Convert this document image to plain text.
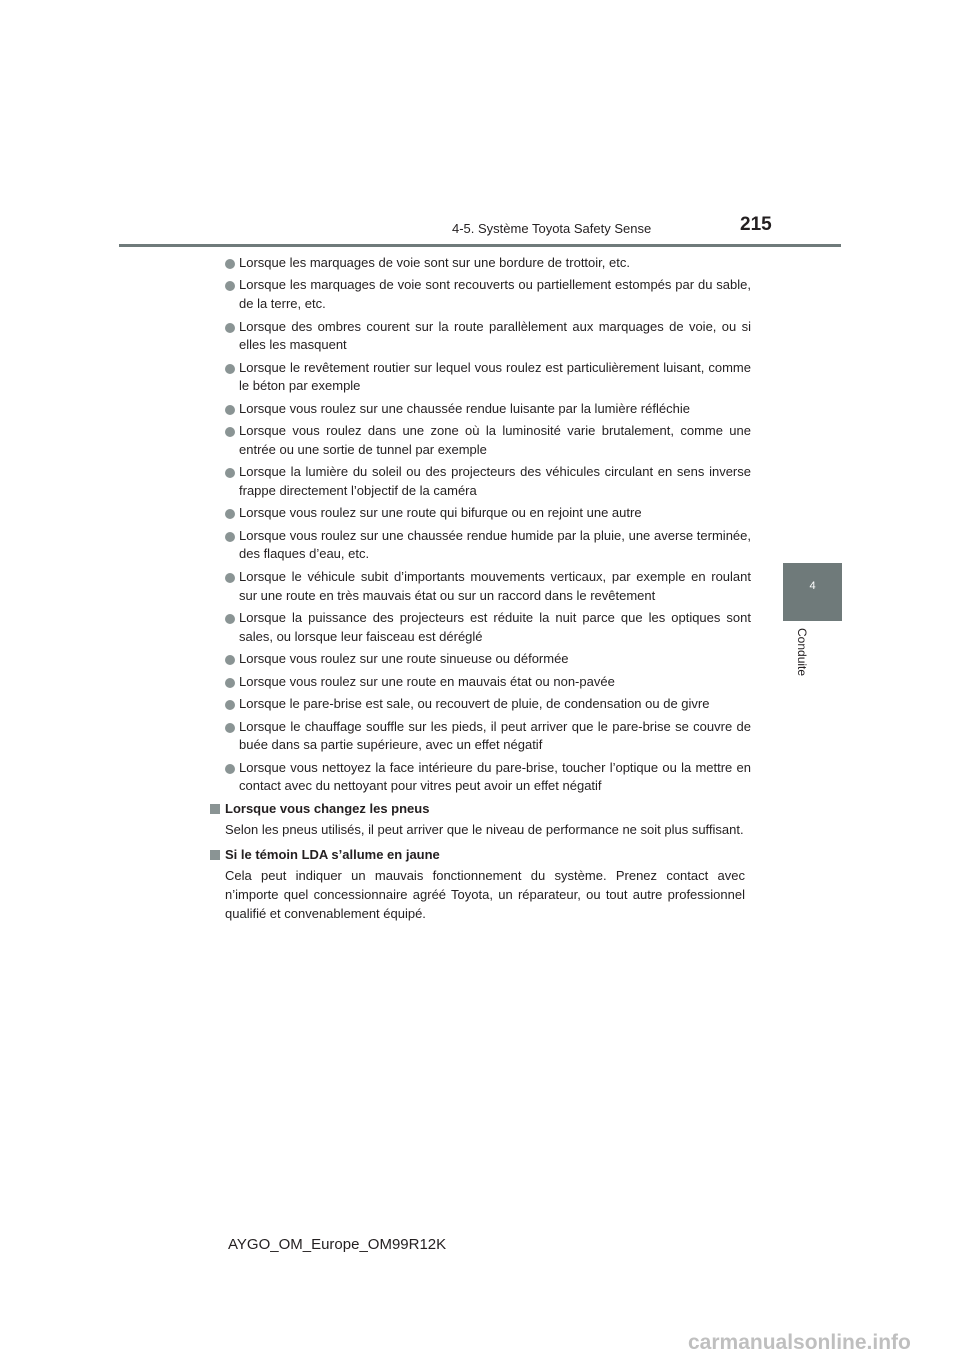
4-5. Système Toyota Safety Sense	215
4
Conduite
Lorsque les marquages de voie sont sur une bordure de trottoir, etc.
Lorsque les marquages de voie sont recouverts ou partiellement estompés par du sable, de la terre, etc.
Lorsque des ombres courent sur la route parallèlement aux marquages de voie, ou si elles les masquent
Lorsque le revêtement routier sur lequel vous roulez est particulièrement luisant, comme le béton par exemple
Lorsque vous roulez sur une chaussée rendue luisante par la lumière réfléchie
Lorsque vous roulez dans une zone où la luminosité varie brutalement, comme une entrée ou une sortie de tunnel par exemple
Lorsque la lumière du soleil ou des projecteurs des véhicules circulant en sens inverse frappe directement l’objectif de la caméra
Lorsque vous roulez sur une route qui bifurque ou en rejoint une autre
Lorsque vous roulez sur une chaussée rendue humide par la pluie, une averse terminée, des flaques d’eau, etc.
Lorsque le véhicule subit d’importants mouvements verticaux, par exemple en roulant sur une route en très mauvais état ou sur un raccord dans le revêtement
Lorsque la puissance des projecteurs est réduite la nuit parce que les optiques sont sales, ou lorsque leur faisceau est déréglé
Lorsque vous roulez sur une route sinueuse ou déformée
Lorsque vous roulez sur une route en mauvais état ou non-pavée
Lorsque le pare-brise est sale, ou recouvert de pluie, de condensation ou de givre
Lorsque le chauffage souffle sur les pieds, il peut arriver que le pare-brise se couvre de buée dans sa partie supérieure, avec un effet négatif
Lorsque vous nettoyez la face intérieure du pare-brise, toucher l’optique ou la mettre en contact avec du nettoyant pour vitres peut avoir un effet négatif
Lorsque vous changez les pneus
Selon les pneus utilisés, il peut arriver que le niveau de performance ne soit plus suffisant.
Si le témoin LDA s’allume en jaune
Cela peut indiquer un mauvais fonctionnement du système. Prenez contact avec n’importe quel concessionnaire agréé Toyota, un réparateur, ou tout autre professionnel qualifié et convenablement équipé.
AYGO_OM_Europe_OM99R12K
carmanualsonline.info
